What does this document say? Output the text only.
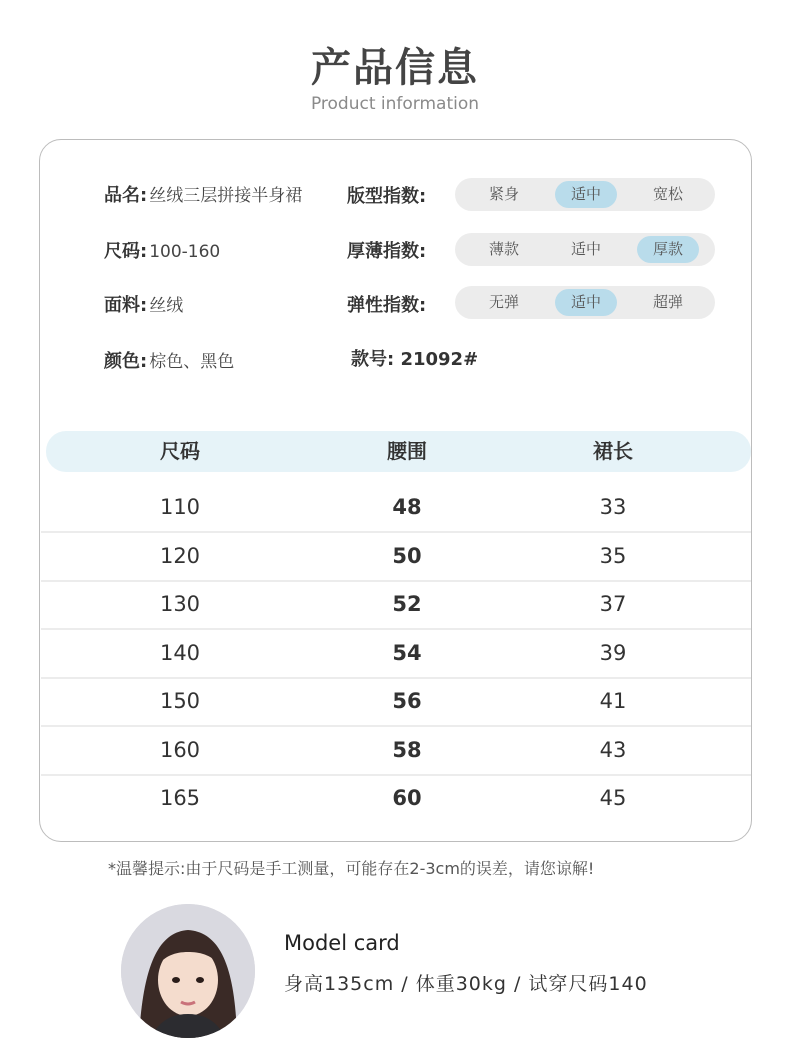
产品信息
Product information
品名: 丝绒三层拼接半身裙
尺码: 100-160
面料: 丝绒
颜色: 棕色、黑色	款号: 21092#
版型指数:	紧身	适中	宽松
厚薄指数:	薄款	适中	厚款
弹性指数:	无弹	适中	超弹
尺码	腰围	裙长
110	48	33
120	50	35
130	52	37
140	54	39
150	56	41
160	58	43
165	60	45
*温馨提示:由于尺码是手工测量，可能存在2-3cm的误差，请您谅解!
Model card
身高135cm / 体重30kg / 试穿尺码140
